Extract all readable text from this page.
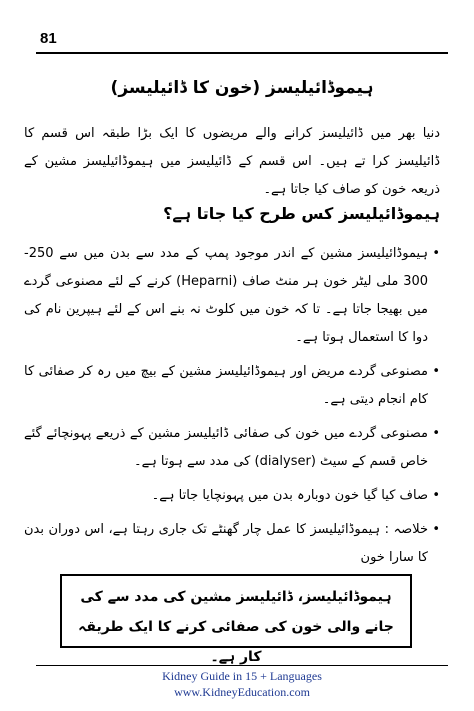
81
ہیموڈائیلیسز (خون کا ڈائیلیسز)

دنیا بھر میں ڈائیلیسز کرانے والے مریضوں کا ایک بڑا طبقہ اس قسم کا ڈائیلیسز کرا تے ہیں۔ اس قسم کے ڈائیلیسز میں ہیموڈائیلیسز مشین کے ذریعہ خون کو صاف کیا جاتا ہے۔

ہیموڈائیلیسز کس طرح کیا جاتا ہے؟
•
ہیموڈائیلیسز مشین کے اندر موجود پمپ کے مدد سے بدن میں سے 250-300 ملی لیٹر خون ہر منٹ صاف (Heparni) کرنے کے لئے مصنوعی گردے میں بھیجا جاتا ہے۔ تا کہ خون میں کلوٹ نہ بنے اس کے لئے ہیپرین نام کی دوا کا استعمال ہوتا ہے۔
•
مصنوعی گردے مریض اور ہیموڈائیلیسز مشین کے بیچ میں رہ کر صفائی کا کام انجام دیتی ہے۔
•
مصنوعی گردے میں خون کی صفائی ڈائیلیسز مشین کے ذریعے پہونچائے گئے خاص قسم کے سیٹ (dialyser) کی مدد سے ہوتا ہے۔
•
صاف کیا گیا خون دوبارہ بدن میں پہونچایا جاتا ہے۔
•
خلاصہ : ہیموڈائیلیسز کا عمل چار گھنٹے تک جاری رہتا ہے، اس دوران بدن کا سارا خون
ہیموڈائیلیسز، ڈائیلیسز مشین کی مدد سے کی جانے والی خون کی صفائی کرنے کا ایک طریقہ کار ہے۔
Kidney Guide in 15 + Languages
www.KidneyEducation.com
